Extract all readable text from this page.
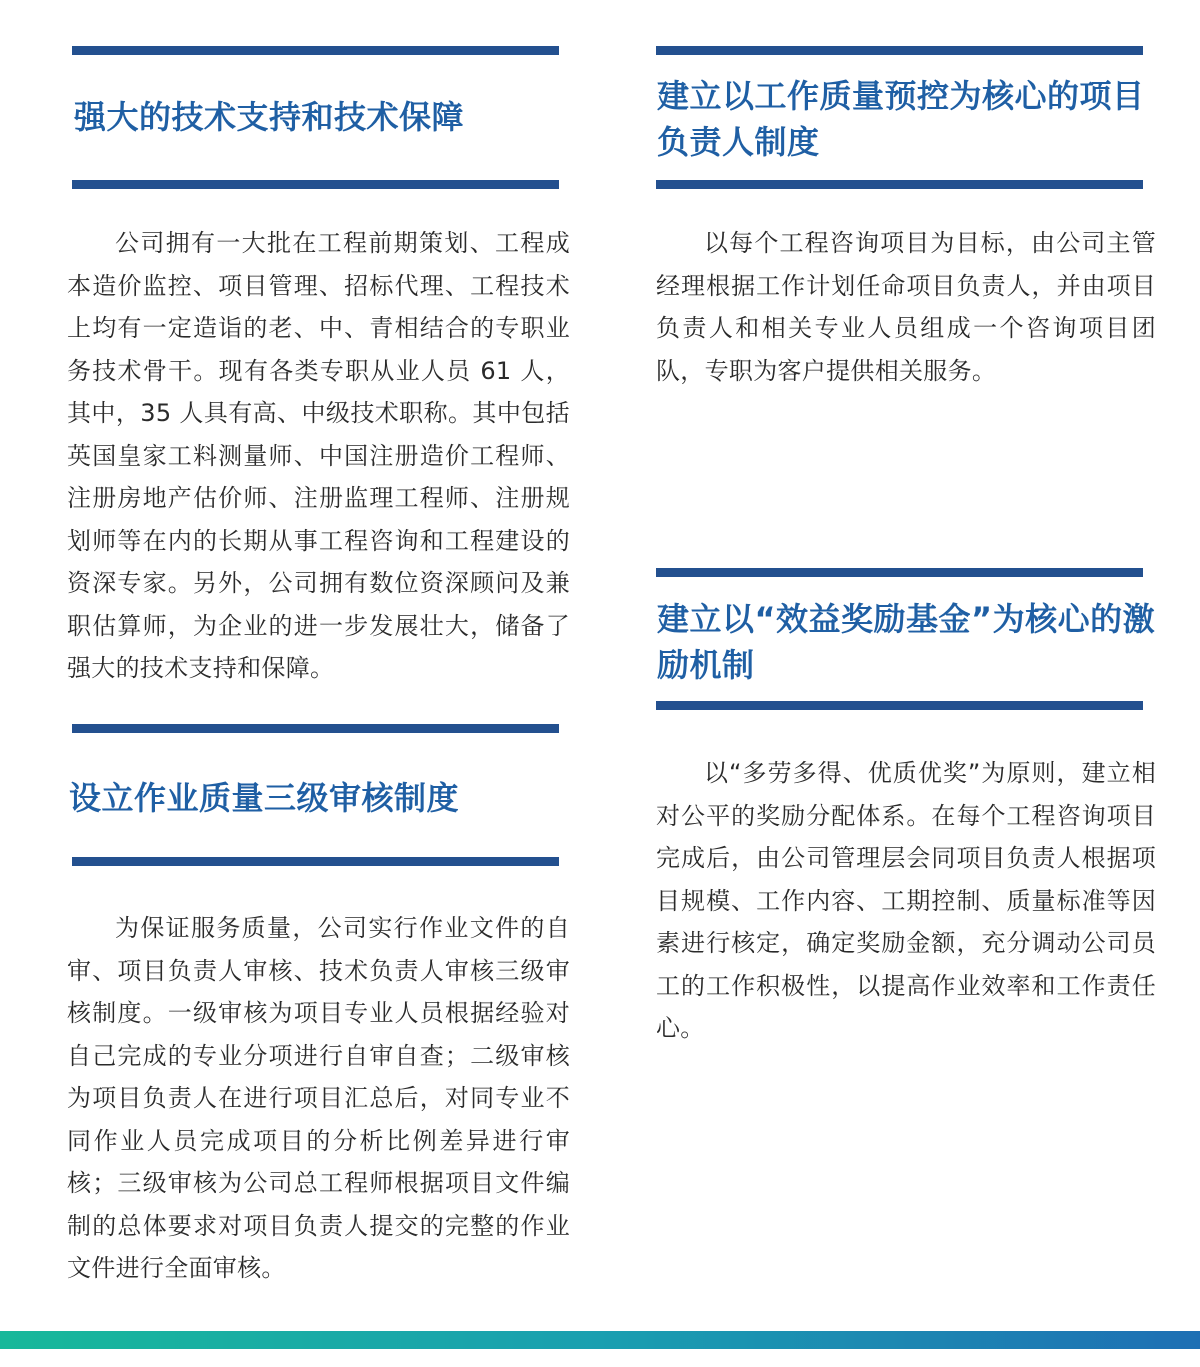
强大的技术支持和技术保障

公司拥有一大批在工程前期策划、工程成本造价监控、项目管理、招标代理、工程技术上均有一定造诣的老、中、青相结合的专职业务技术骨干。现有各类专职从业人员 61 人，其中，35 人具有高、中级技术职称。其中包括英国皇家工料测量师、中国注册造价工程师、注册房地产估价师、注册监理工程师、注册规划师等在内的长期从事工程咨询和工程建设的资深专家。另外，公司拥有数位资深顾问及兼职估算师，为企业的进一步发展壮大，储备了强大的技术支持和保障。

设立作业质量三级审核制度

为保证服务质量，公司实行作业文件的自审、项目负责人审核、技术负责人审核三级审核制度。一级审核为项目专业人员根据经验对自己完成的专业分项进行自审自查；二级审核为项目负责人在进行项目汇总后，对同专业不同作业人员完成项目的分析比例差异进行审核；三级审核为公司总工程师根据项目文件编制的总体要求对项目负责人提交的完整的作业文件进行全面审核。

建立以工作质量预控为核心的项目负责人制度

以每个工程咨询项目为目标，由公司主管经理根据工作计划任命项目负责人，并由项目负责人和相关专业人员组成一个咨询项目团队，专职为客户提供相关服务。

建立以“效益奖励基金”为核心的激励机制

以“多劳多得、优质优奖”为原则，建立相对公平的奖励分配体系。在每个工程咨询项目完成后，由公司管理层会同项目负责人根据项目规模、工作内容、工期控制、质量标准等因素进行核定，确定奖励金额，充分调动公司员工的工作积极性，以提高作业效率和工作责任心。
